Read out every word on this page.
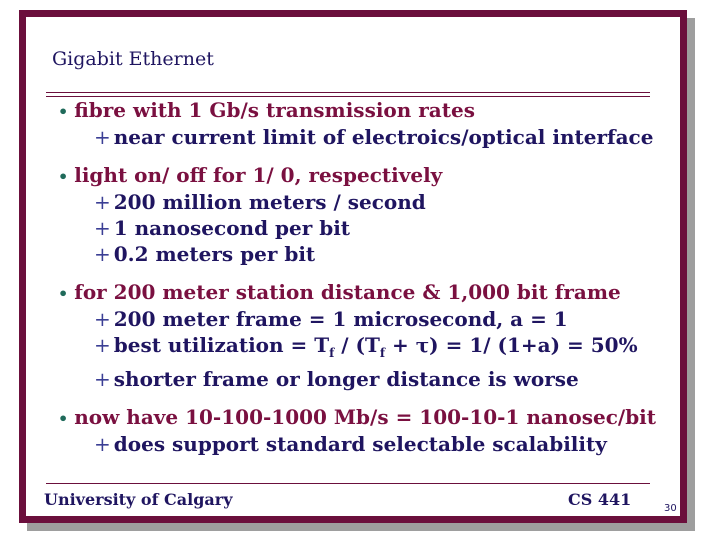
Gigabit Ethernet
• fibre with 1 Gb/s transmission rates
+ near current limit of electroics/optical interface
• light on/ off for 1/ 0, respectively
+ 200 million meters / second
+ 1 nanosecond per bit
+ 0.2 meters per bit
• for 200 meter station distance & 1,000 bit frame
+ 200 meter frame = 1 microsecond, a = 1
+ best utilization = $T_f / (T_f + \tau) = 1/$ (1+a) = 50%
+ shorter frame or longer distance is worse
• now have 10-100-1000 Mb/s = 100-10-1 nanosec/bit
+ does support standard selectable scalability
University of Calgary	CS 441	30
